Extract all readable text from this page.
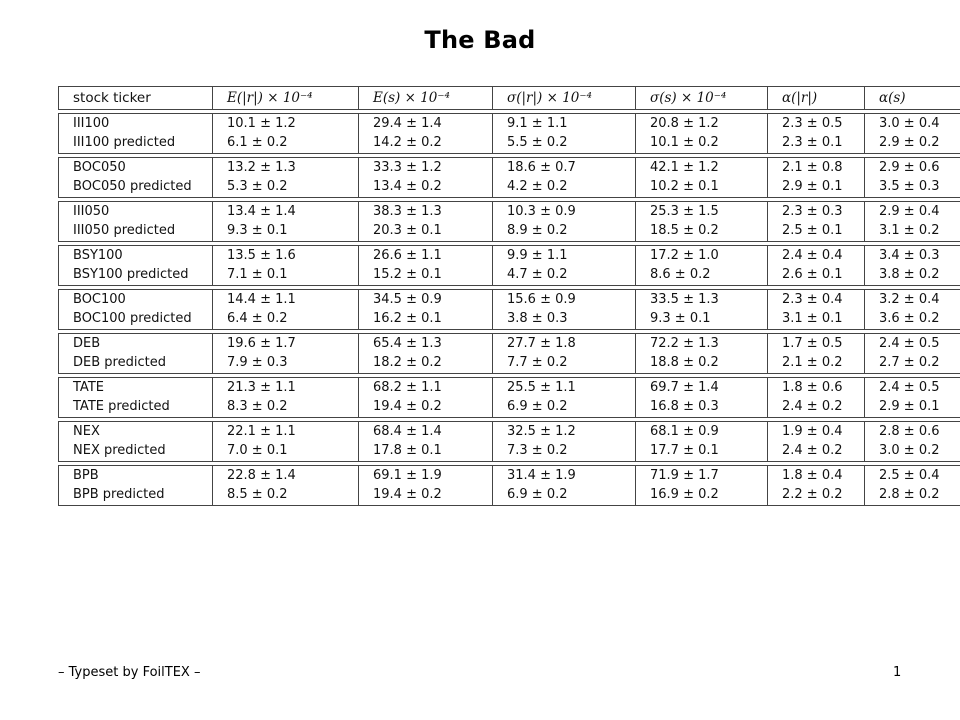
The Bad
stock ticker	E(|r|) × 10⁻⁴	E(s) × 10⁻⁴	σ(|r|) × 10⁻⁴	σ(s) × 10⁻⁴	α(|r|)	α(s)
III100	10.1 ± 1.2	29.4 ± 1.4	9.1 ± 1.1	20.8 ± 1.2	2.3 ± 0.5	3.0 ± 0.4
III100 predicted	6.1 ± 0.2	14.2 ± 0.2	5.5 ± 0.2	10.1 ± 0.2	2.3 ± 0.1	2.9 ± 0.2
BOC050	13.2 ± 1.3	33.3 ± 1.2	18.6 ± 0.7	42.1 ± 1.2	2.1 ± 0.8	2.9 ± 0.6
BOC050 predicted	5.3 ± 0.2	13.4 ± 0.2	4.2 ± 0.2	10.2 ± 0.1	2.9 ± 0.1	3.5 ± 0.3
III050	13.4 ± 1.4	38.3 ± 1.3	10.3 ± 0.9	25.3 ± 1.5	2.3 ± 0.3	2.9 ± 0.4
III050 predicted	9.3 ± 0.1	20.3 ± 0.1	8.9 ± 0.2	18.5 ± 0.2	2.5 ± 0.1	3.1 ± 0.2
BSY100	13.5 ± 1.6	26.6 ± 1.1	9.9 ± 1.1	17.2 ± 1.0	2.4 ± 0.4	3.4 ± 0.3
BSY100 predicted	7.1 ± 0.1	15.2 ± 0.1	4.7 ± 0.2	8.6 ± 0.2	2.6 ± 0.1	3.8 ± 0.2
BOC100	14.4 ± 1.1	34.5 ± 0.9	15.6 ± 0.9	33.5 ± 1.3	2.3 ± 0.4	3.2 ± 0.4
BOC100 predicted	6.4 ± 0.2	16.2 ± 0.1	3.8 ± 0.3	9.3 ± 0.1	3.1 ± 0.1	3.6 ± 0.2
DEB	19.6 ± 1.7	65.4 ± 1.3	27.7 ± 1.8	72.2 ± 1.3	1.7 ± 0.5	2.4 ± 0.5
DEB predicted	7.9 ± 0.3	18.2 ± 0.2	7.7 ± 0.2	18.8 ± 0.2	2.1 ± 0.2	2.7 ± 0.2
TATE	21.3 ± 1.1	68.2 ± 1.1	25.5 ± 1.1	69.7 ± 1.4	1.8 ± 0.6	2.4 ± 0.5
TATE predicted	8.3 ± 0.2	19.4 ± 0.2	6.9 ± 0.2	16.8 ± 0.3	2.4 ± 0.2	2.9 ± 0.1
NEX	22.1 ± 1.1	68.4 ± 1.4	32.5 ± 1.2	68.1 ± 0.9	1.9 ± 0.4	2.8 ± 0.6
NEX predicted	7.0 ± 0.1	17.8 ± 0.1	7.3 ± 0.2	17.7 ± 0.1	2.4 ± 0.2	3.0 ± 0.2
BPB	22.8 ± 1.4	69.1 ± 1.9	31.4 ± 1.9	71.9 ± 1.7	1.8 ± 0.4	2.5 ± 0.4
BPB predicted	8.5 ± 0.2	19.4 ± 0.2	6.9 ± 0.2	16.9 ± 0.2	2.2 ± 0.2	2.8 ± 0.2
– Typeset by FoilTEX –	1
